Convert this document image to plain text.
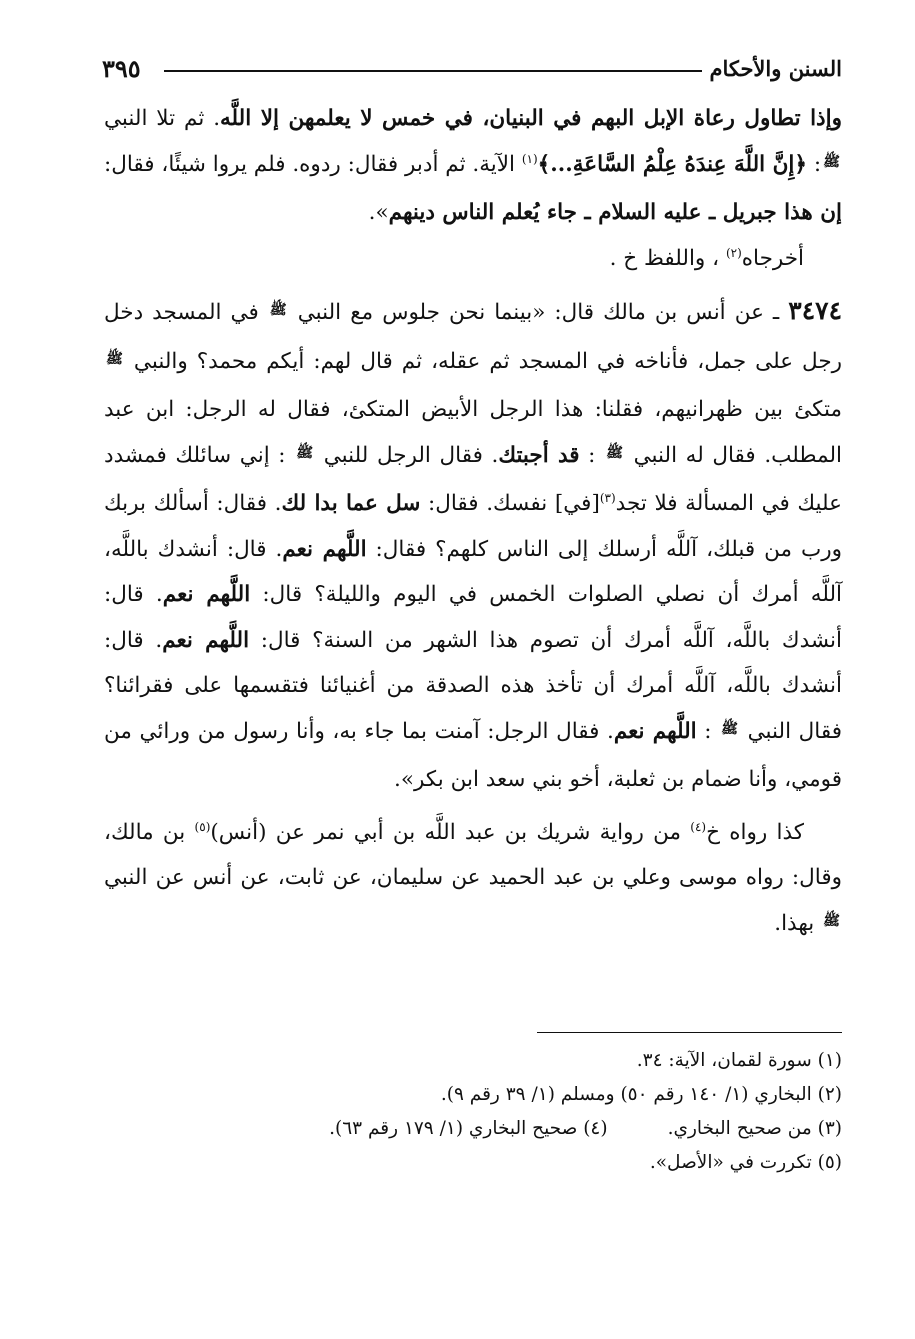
السنن والأحكام
٣٩٥

وإذا تطاول رعاة الإبل البهم في البنيان، في خمس لا يعلمهن إلا اللَّه. ثم تلا النبي $^ﷺ$: ﴿إِنَّ اللَّهَ عِندَهُ عِلْمُ السَّاعَةِ...﴾$^{(١)}$ الآية. ثم أدبر فقال: ردوه. فلم يروا شيئًا، فقال: إن هذا جبريل ـ عليه السلام ـ جاء يُعلم الناس دينهم».

أخرجاه$^{(٢)}$ ، واللفظ خ .

٣٤٧٤ ـ عن أنس بن مالك قال: «بينما نحن جلوس مع النبي $^ﷺ$ في المسجد دخل رجل على جمل، فأناخه في المسجد ثم عقله، ثم قال لهم: أيكم محمد؟ والنبي $^ﷺ$ متكئ بين ظهرانيهم، فقلنا: هذا الرجل الأبيض المتكئ، فقال له الرجل: ابن عبد المطلب. فقال له النبي $^ﷺ$ : قد أجبتك. فقال الرجل للنبي $^ﷺ$ : إني سائلك فمشدد عليك في المسألة فلا تجد$^{(٣)}$[في] نفسك. فقال: سل عما بدا لك. فقال: أسألك بربك ورب من قبلك، آللَّه أرسلك إلى الناس كلهم؟ فقال: اللَّهم نعم. قال: أنشدك باللَّه، آللَّه أمرك أن نصلي الصلوات الخمس في اليوم والليلة؟ قال: اللَّهم نعم. قال: أنشدك باللَّه، آللَّه أمرك أن تصوم هذا الشهر من السنة؟ قال: اللَّهم نعم. قال: أنشدك باللَّه، آللَّه أمرك أن تأخذ هذه الصدقة من أغنيائنا فتقسمها على فقرائنا؟ فقال النبي $^ﷺ$ : اللَّهم نعم. فقال الرجل: آمنت بما جاء به، وأنا رسول من ورائي من قومي، وأنا ضمام بن ثعلبة، أخو بني سعد ابن بكر».

كذا رواه خ$^{(٤)}$ من رواية شريك بن عبد اللَّه بن أبي نمر عن (أنس)$^{(٥)}$ بن مالك، وقال: رواه موسى وعلي بن عبد الحميد عن سليمان، عن ثابت، عن أنس عن النبي $^ﷺ$ بهذا.

(١) سورة لقمان، الآية: ٣٤.
(٢) البخاري (١/ ١٤٠ رقم ٥٠) ومسلم (١/ ٣٩ رقم ٩).
(٣) من صحيح البخاري.(٤) صحيح البخاري (١/ ١٧٩ رقم ٦٣).
(٥) تكررت في «الأصل».
